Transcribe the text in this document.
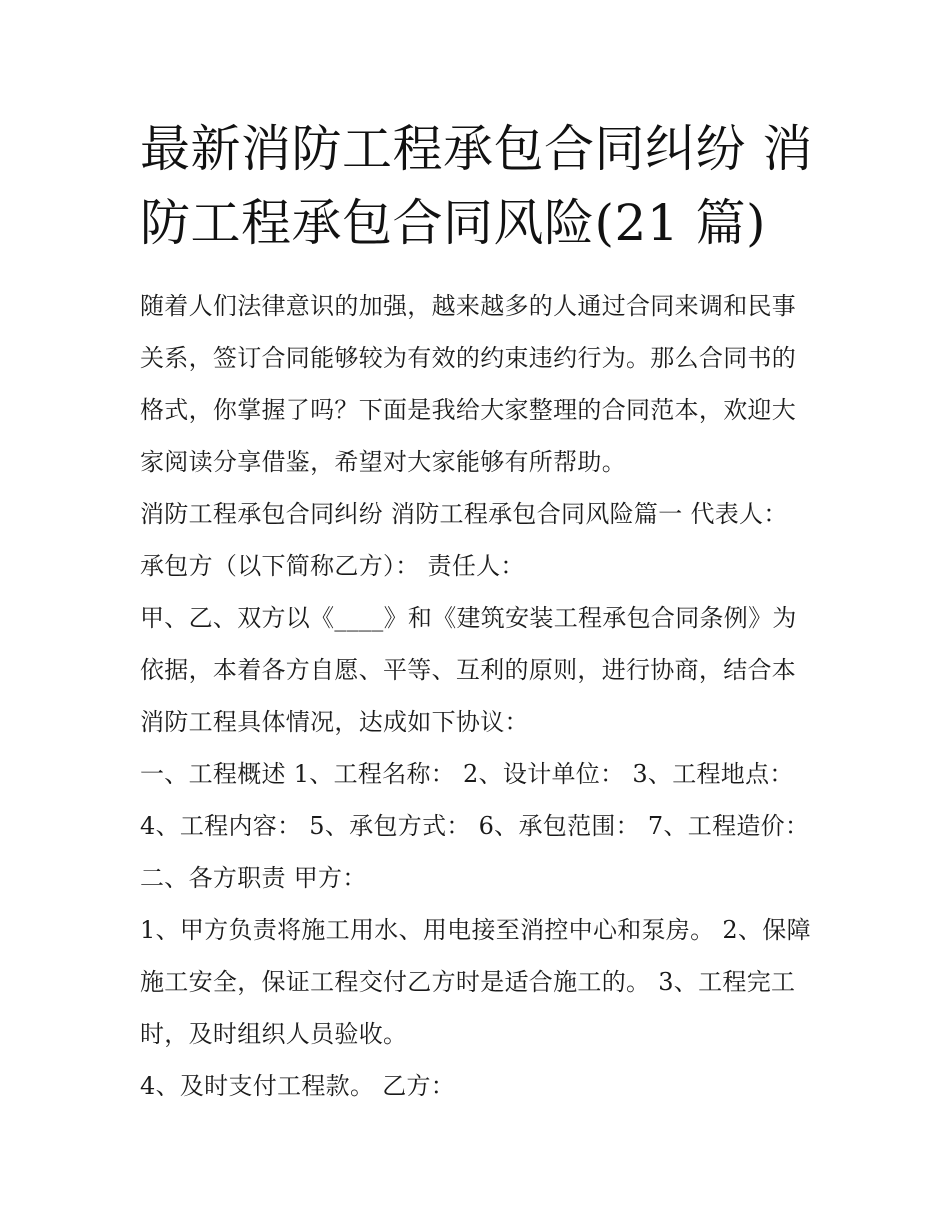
最新消防工程承包合同纠纷 消防工程承包合同风险(21 篇)

随着人们法律意识的加强，越来越多的人通过合同来调和民事关系，签订合同能够较为有效的约束违约行为。那么合同书的格式，你掌握了吗？下面是我给大家整理的合同范本，欢迎大家阅读分享借鉴，希望对大家能够有所帮助。

消防工程承包合同纠纷 消防工程承包合同风险篇一 代表人：

承包方（以下简称乙方）： 责任人：

甲、乙、双方以《____》和《建筑安装工程承包合同条例》为依据，本着各方自愿、平等、互利的原则，进行协商，结合本消防工程具体情况，达成如下协议：

一、工程概述 1、工程名称： 2、设计单位： 3、工程地点：

4、工程内容： 5、承包方式： 6、承包范围： 7、工程造价：

二、各方职责 甲方：

1、甲方负责将施工用水、用电接至消控中心和泵房。 2、保障施工安全，保证工程交付乙方时是适合施工的。 3、工程完工时，及时组织人员验收。

4、及时支付工程款。 乙方：
